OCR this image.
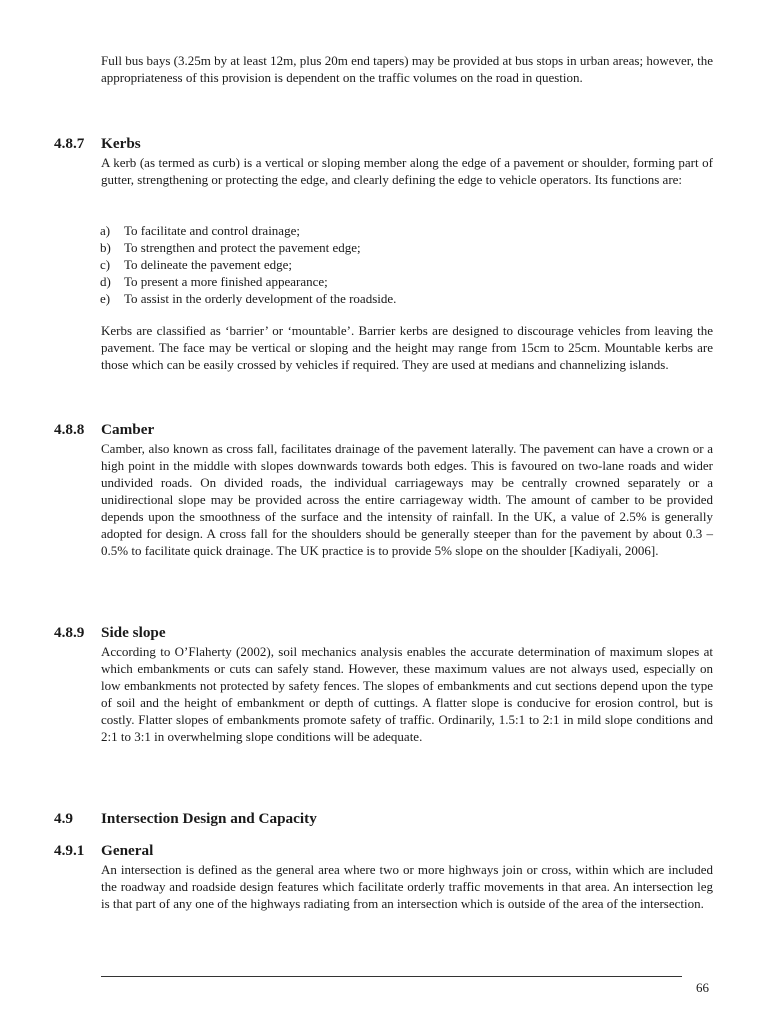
Full bus bays (3.25m by at least 12m, plus 20m end tapers) may be provided at bus stops in urban areas; however, the appropriateness of this provision is dependent on the traffic volumes on the road in question.

4.8.7 Kerbs

A kerb (as termed as curb) is a vertical or sloping member along the edge of a pavement or shoulder, forming part of gutter, strengthening or protecting the edge, and clearly defining the edge to vehicle operators. Its functions are:

a) To facilitate and control drainage;
b) To strengthen and protect the pavement edge;
c) To delineate the pavement edge;
d) To present a more finished appearance;
e) To assist in the orderly development of the roadside.

Kerbs are classified as ‘barrier’ or ‘mountable’. Barrier kerbs are designed to discourage vehicles from leaving the pavement. The face may be vertical or sloping and the height may range from 15cm to 25cm. Mountable kerbs are those which can be easily crossed by vehicles if required. They are used at medians and channelizing islands.

4.8.8 Camber

Camber, also known as cross fall, facilitates drainage of the pavement laterally. The pavement can have a crown or a high point in the middle with slopes downwards towards both edges. This is favoured on two-lane roads and wider undivided roads. On divided roads, the individual carriageways may be centrally crowned separately or a unidirectional slope may be provided across the entire carriageway width. The amount of camber to be provided depends upon the smoothness of the surface and the intensity of rainfall. In the UK, a value of 2.5% is generally adopted for design. A cross fall for the shoulders should be generally steeper than for the pavement by about 0.3 – 0.5% to facilitate quick drainage. The UK practice is to provide 5% slope on the shoulder [Kadiyali, 2006].

4.8.9 Side slope

According to O’Flaherty (2002), soil mechanics analysis enables the accurate determination of maximum slopes at which embankments or cuts can safely stand. However, these maximum values are not always used, especially on low embankments not protected by safety fences. The slopes of embankments and cut sections depend upon the type of soil and the height of embankment or depth of cuttings. A flatter slope is conducive for erosion control, but is costly. Flatter slopes of embankments promote safety of traffic. Ordinarily, 1.5:1 to 2:1 in mild slope conditions and 2:1 to 3:1 in overwhelming slope conditions will be adequate.

4.9 Intersection Design and Capacity
4.9.1 General

An intersection is defined as the general area where two or more highways join or cross, within which are included the roadway and roadside design features which facilitate orderly traffic movements in that area. An intersection leg is that part of any one of the highways radiating from an intersection which is outside of the area of the intersection.

66
